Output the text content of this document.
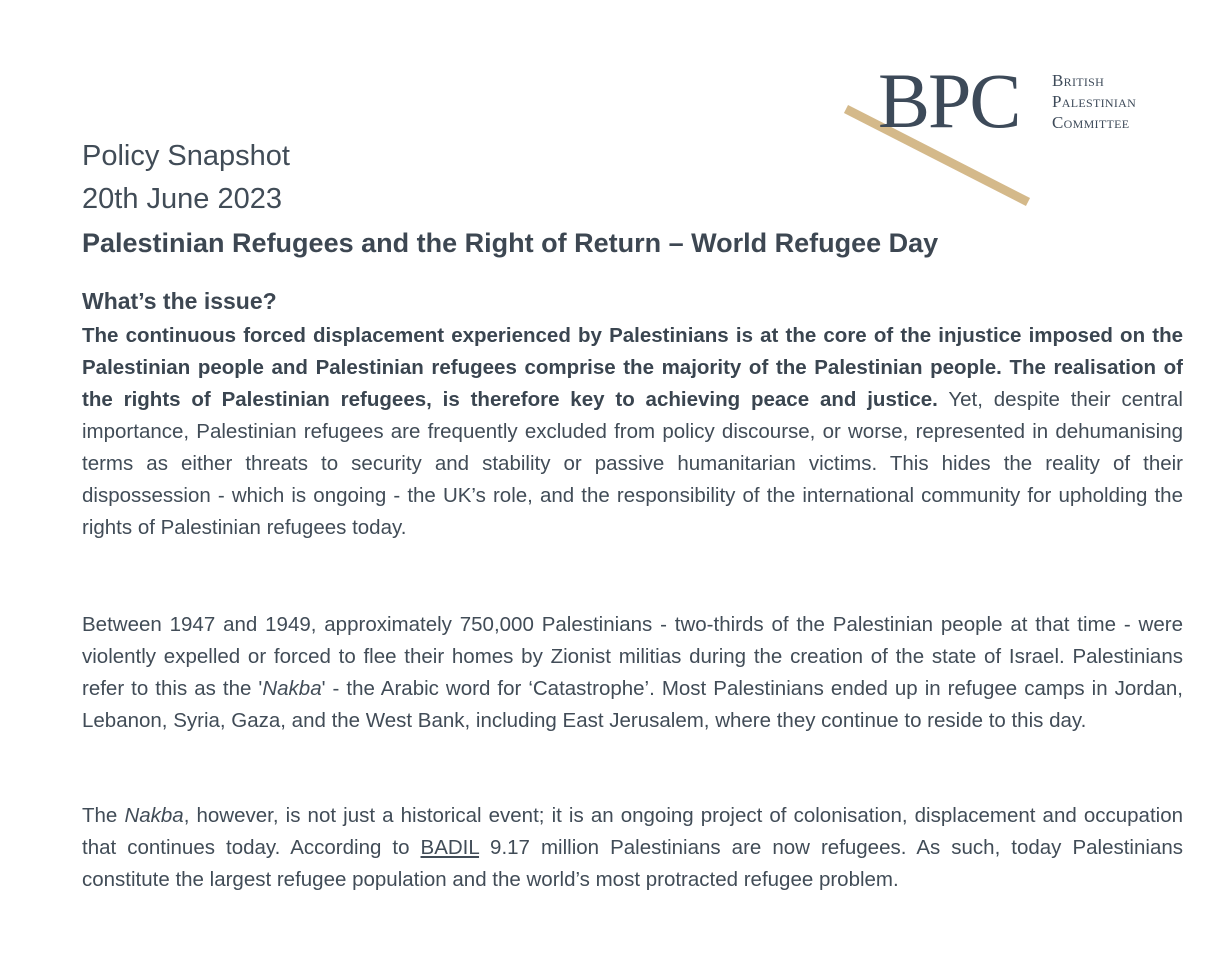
BPC British
Palestinian
Committee
Policy Snapshot
20th June 2023
Palestinian Refugees and the Right of Return – World Refugee Day
What’s the issue?

The continuous forced displacement experienced by Palestinians is at the core of the injustice imposed on the Palestinian people and Palestinian refugees comprise the majority of the Palestinian people. The realisation of the rights of Palestinian refugees, is therefore key to achieving peace and justice. Yet, despite their central importance, Palestinian refugees are frequently excluded from policy discourse, or worse, represented in dehumanising terms as either threats to security and stability or passive humanitarian victims. This hides the reality of their dispossession - which is ongoing - the UK’s role, and the responsibility of the international community for upholding the rights of Palestinian refugees today.

Between 1947 and 1949, approximately 750,000 Palestinians - two-thirds of the Palestinian people at that time - were violently expelled or forced to flee their homes by Zionist militias during the creation of the state of Israel. Palestinians refer to this as the 'Nakba' - the Arabic word for ‘Catastrophe’. Most Palestinians ended up in refugee camps in Jordan, Lebanon, Syria, Gaza, and the West Bank, including East Jerusalem, where they continue to reside to this day.

The Nakba, however, is not just a historical event; it is an ongoing project of colonisation, displacement and occupation that continues today. According to BADIL 9.17 million Palestinians are now refugees. As such, today Palestinians constitute the largest refugee population and the world’s most protracted refugee problem.
